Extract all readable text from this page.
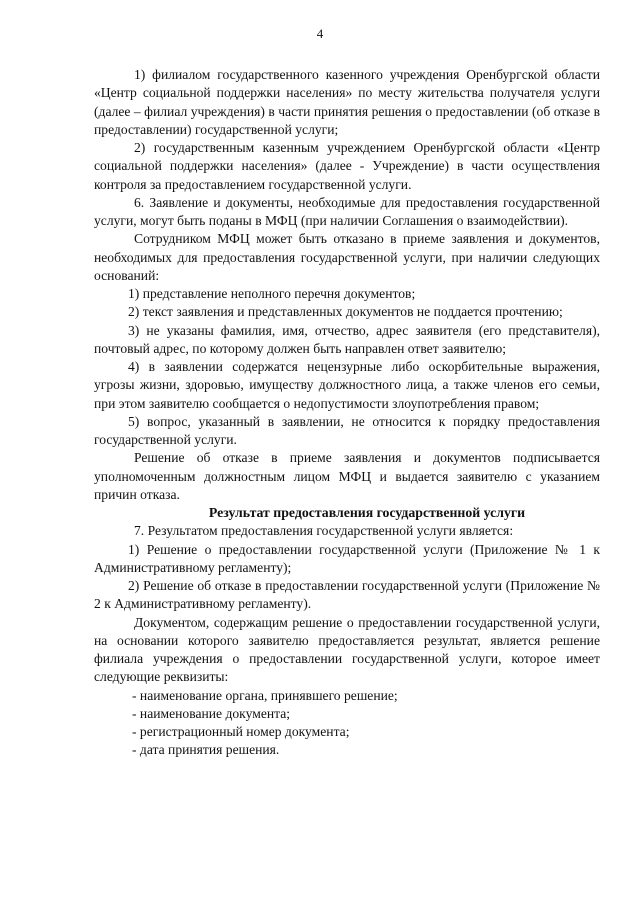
4

1) филиалом государственного казенного учреждения Оренбургской области «Центр социальной поддержки населения» по месту жительства получателя услуги (далее – филиал учреждения) в части принятия решения о предоставлении (об отказе в предоставлении) государственной услуги;

2) государственным казенным учреждением Оренбургской области «Центр социальной поддержки населения» (далее - Учреждение) в части осуществления контроля за предоставлением государственной услуги.

6. Заявление и документы, необходимые для предоставления государственной услуги, могут быть поданы в МФЦ (при наличии Соглашения о взаимодействии).

Сотрудником МФЦ может быть отказано в приеме заявления и документов, необходимых для предоставления государственной услуги, при наличии следующих оснований:

1) представление неполного перечня документов;

2) текст заявления и представленных документов не поддается прочтению;

3) не указаны фамилия, имя, отчество, адрес заявителя (его представителя), почтовый адрес, по которому должен быть направлен ответ заявителю;

4) в заявлении содержатся нецензурные либо оскорбительные выражения, угрозы жизни, здоровью, имуществу должностного лица, а также членов его семьи, при этом заявителю сообщается о недопустимости злоупотребления правом;

5) вопрос, указанный в заявлении, не относится к порядку предоставления государственной услуги.

Решение об отказе в приеме заявления и документов подписывается уполномоченным должностным лицом МФЦ и выдается заявителю с указанием причин отказа.

Результат предоставления государственной услуги

7. Результатом предоставления государственной услуги является:

1) Решение о предоставлении государственной услуги (Приложение № 1 к Административному регламенту);

2) Решение об отказе в предоставлении государственной услуги (Приложение № 2 к Административному регламенту).

Документом, содержащим решение о предоставлении государственной услуги, на основании которого заявителю предоставляется результат, является решение филиала учреждения о предоставлении государственной услуги, которое имеет следующие реквизиты:

- наименование органа, принявшего решение;

- наименование документа;

- регистрационный номер документа;

- дата принятия решения.
